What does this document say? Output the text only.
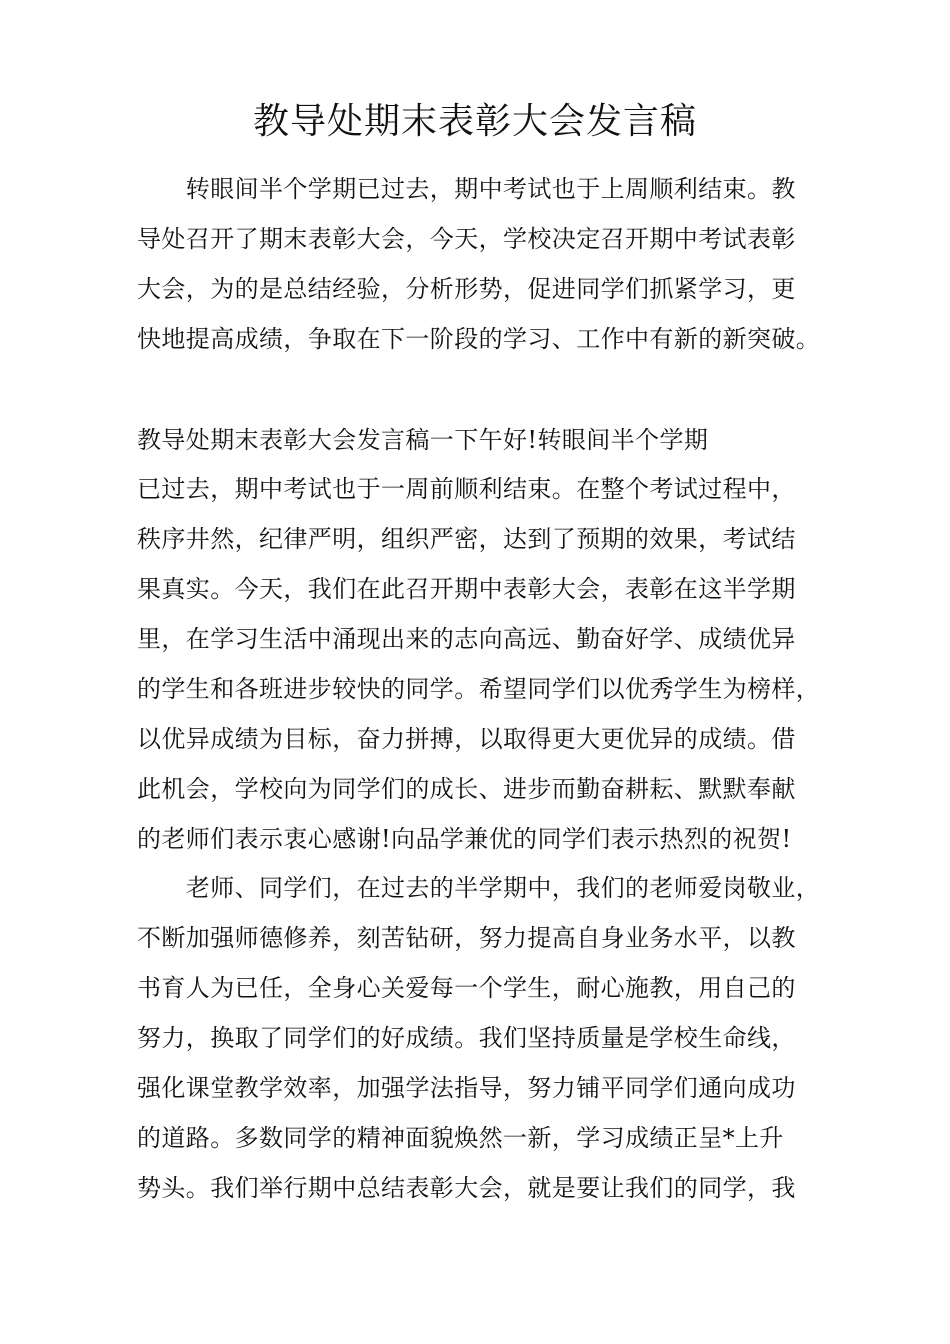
教导处期末表彰大会发言稿
　　转眼间半个学期已过去，期中考试也于上周顺利结束。教
导处召开了期末表彰大会，今天，学校决定召开期中考试表彰
大会，为的是总结经验，分析形势，促进同学们抓紧学习，更
快地提高成绩，争取在下一阶段的学习、工作中有新的新突破。
教导处期末表彰大会发言稿一下午好!转眼间半个学期
已过去，期中考试也于一周前顺利结束。在整个考试过程中，
秩序井然，纪律严明，组织严密，达到了预期的效果，考试结
果真实。今天，我们在此召开期中表彰大会，表彰在这半学期
里，在学习生活中涌现出来的志向高远、勤奋好学、成绩优异
的学生和各班进步较快的同学。希望同学们以优秀学生为榜样，
以优异成绩为目标，奋力拼搏，以取得更大更优异的成绩。借
此机会，学校向为同学们的成长、进步而勤奋耕耘、默默奉献
的老师们表示衷心感谢!向品学兼优的同学们表示热烈的祝贺!
　　老师、同学们，在过去的半学期中，我们的老师爱岗敬业，
不断加强师德修养，刻苦钻研，努力提高自身业务水平，以教
书育人为已任，全身心关爱每一个学生，耐心施教，用自己的
努力，换取了同学们的好成绩。我们坚持质量是学校生命线，
强化课堂教学效率，加强学法指导，努力铺平同学们通向成功
的道路。多数同学的精神面貌焕然一新，学习成绩正呈*上升
势头。我们举行期中总结表彰大会，就是要让我们的同学，我
